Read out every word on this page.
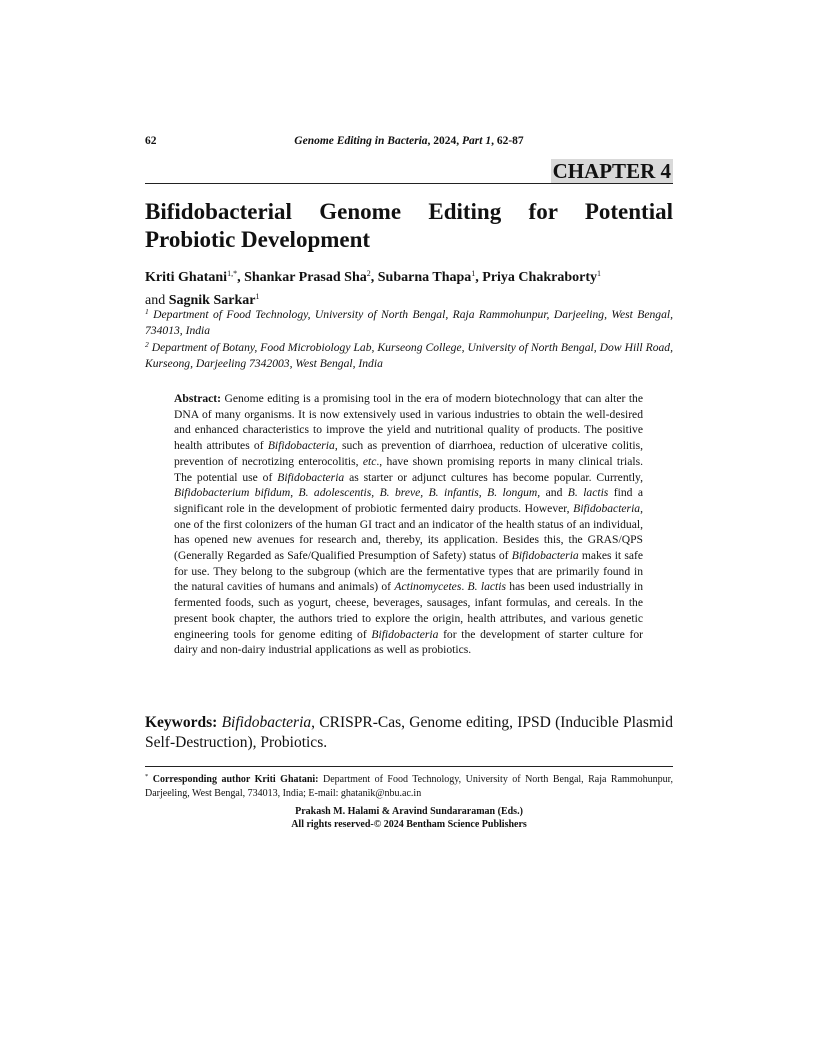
62	Genome Editing in Bacteria, 2024, Part 1, 62-87
CHAPTER 4
Bifidobacterial Genome Editing for Potential
Probiotic Development
Kriti Ghatani$^{1,*}$, Shankar Prasad Sha$^2$, Subarna Thapa$^1$, Priya Chakraborty$^1$
and Sagnik Sarkar$^1$
$^1$ Department of Food Technology, University of North Bengal, Raja Rammohunpur, Darjeeling, West Bengal, 734013, India
$^2$ Department of Botany, Food Microbiology Lab, Kurseong College, University of North Bengal, Dow Hill Road, Kurseong, Darjeeling 7342003, West Bengal, India
Abstract: Genome editing is a promising tool in the era of modern biotechnology that can alter the DNA of many organisms. It is now extensively used in various industries to obtain the well-desired and enhanced characteristics to improve the yield and nutritional quality of products. The positive health attributes of Bifidobacteria, such as prevention of diarrhoea, reduction of ulcerative colitis, prevention of necrotizing enterocolitis, etc., have shown promising reports in many clinical trials. The potential use of Bifidobacteria as starter or adjunct cultures has become popular. Currently, Bifidobacterium bifidum, B. adolescentis, B. breve, B. infantis, B. longum, and B. lactis find a significant role in the development of probiotic fermented dairy products. However, Bifidobacteria, one of the first colonizers of the human GI tract and an indicator of the health status of an individual, has opened new avenues for research and, thereby, its application. Besides this, the GRAS/QPS (Generally Regarded as Safe/Qualified Presumption of Safety) status of Bifidobacteria makes it safe for use. They belong to the subgroup (which are the fermentative types that are primarily found in the natural cavities of humans and animals) of Actinomycetes. B. lactis has been used industrially in fermented foods, such as yogurt, cheese, beverages, sausages, infant formulas, and cereals. In the present book chapter, the authors tried to explore the origin, health attributes, and various genetic engineering tools for genome editing of Bifidobacteria for the development of starter culture for dairy and non-dairy industrial applications as well as probiotics.
Keywords: Bifidobacteria, CRISPR-Cas, Genome editing, IPSD (Inducible Plasmid Self-Destruction), Probiotics.
* Corresponding author Kriti Ghatani: Department of Food Technology, University of North Bengal, Raja Rammohunpur, Darjeeling, West Bengal, 734013, India; E-mail: ghatanik@nbu.ac.in
Prakash M. Halami & Aravind Sundararaman (Eds.)
All rights reserved-© 2024 Bentham Science Publishers
